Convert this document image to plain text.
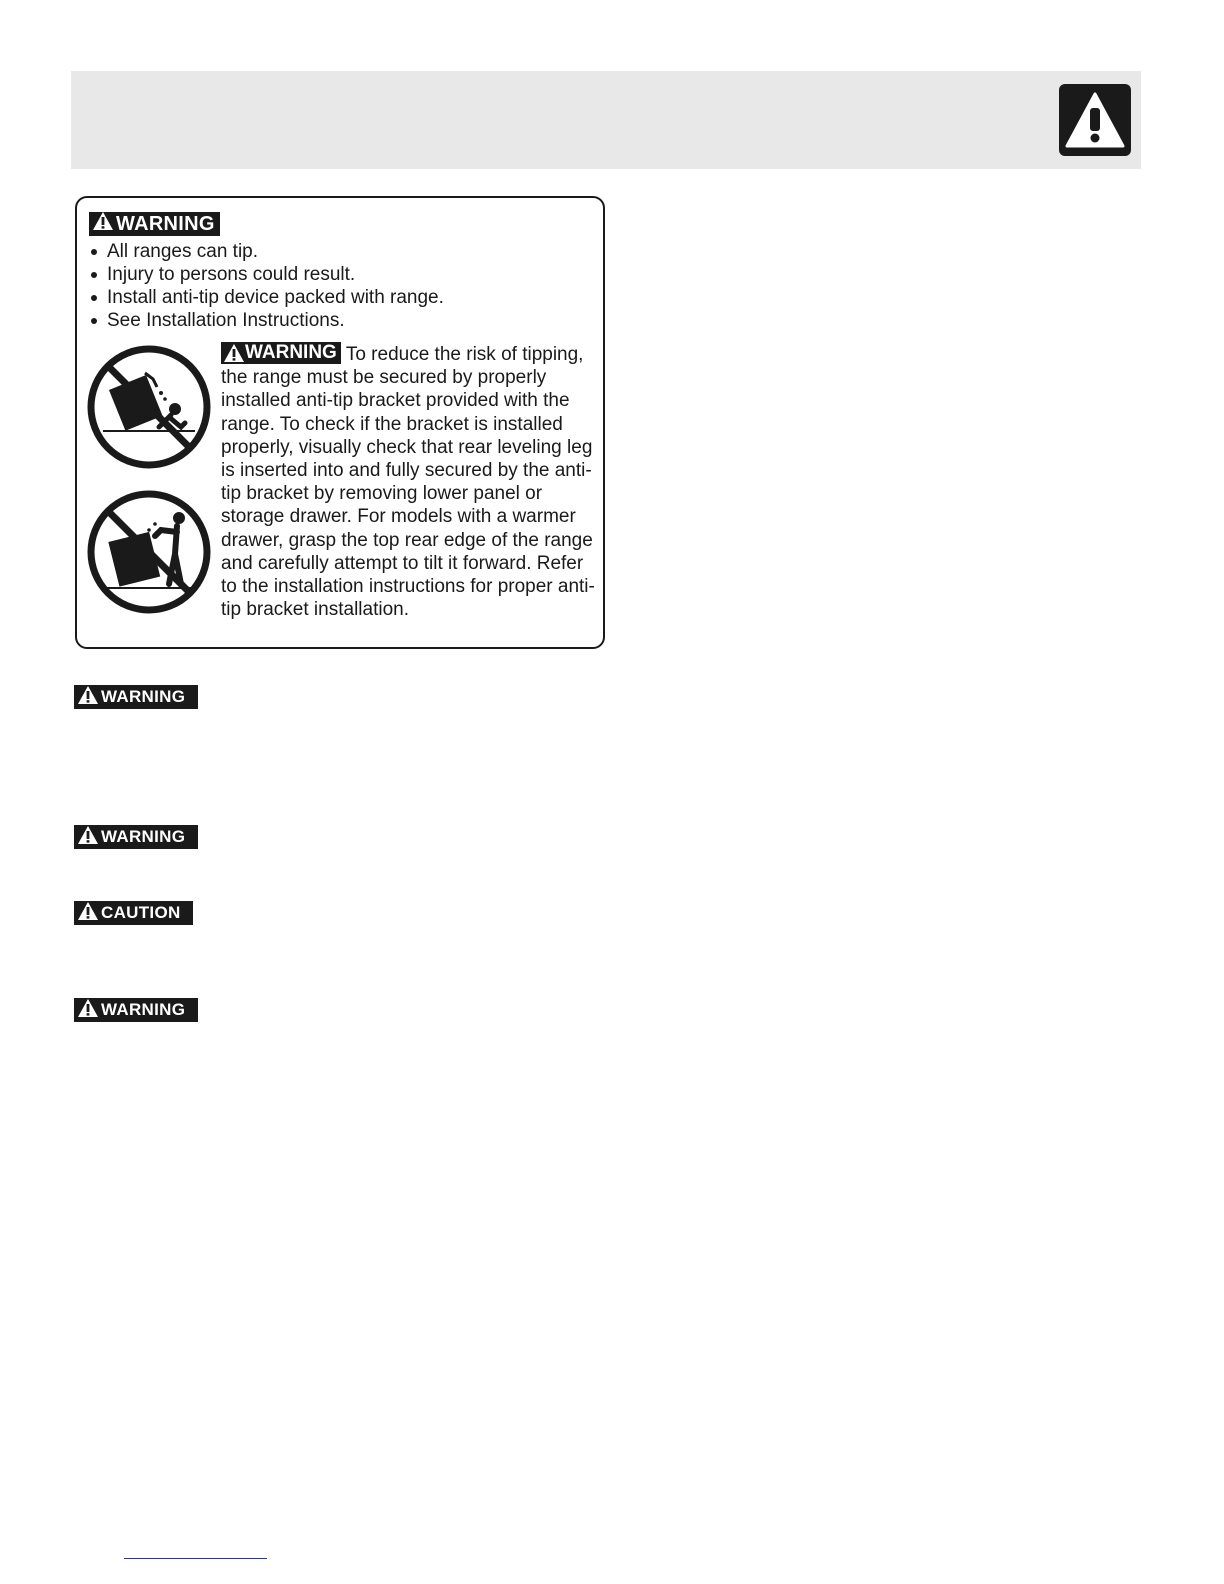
WARNING
All ranges can tip.
Injury to persons could result.
Install anti-tip device packed with range.
See Installation Instructions.
WARNING To reduce the risk of tipping, the range must be secured by properly installed anti-tip bracket provided with the range. To check if the bracket is installed properly, visually check that rear leveling leg is inserted into and fully secured by the anti-tip bracket by removing lower panel or storage drawer. For models with a warmer drawer, grasp the top rear edge of the range and carefully attempt to tilt it forward. Refer to the installation instructions for proper anti-tip bracket installation.
WARNING
WARNING
CAUTION
WARNING
